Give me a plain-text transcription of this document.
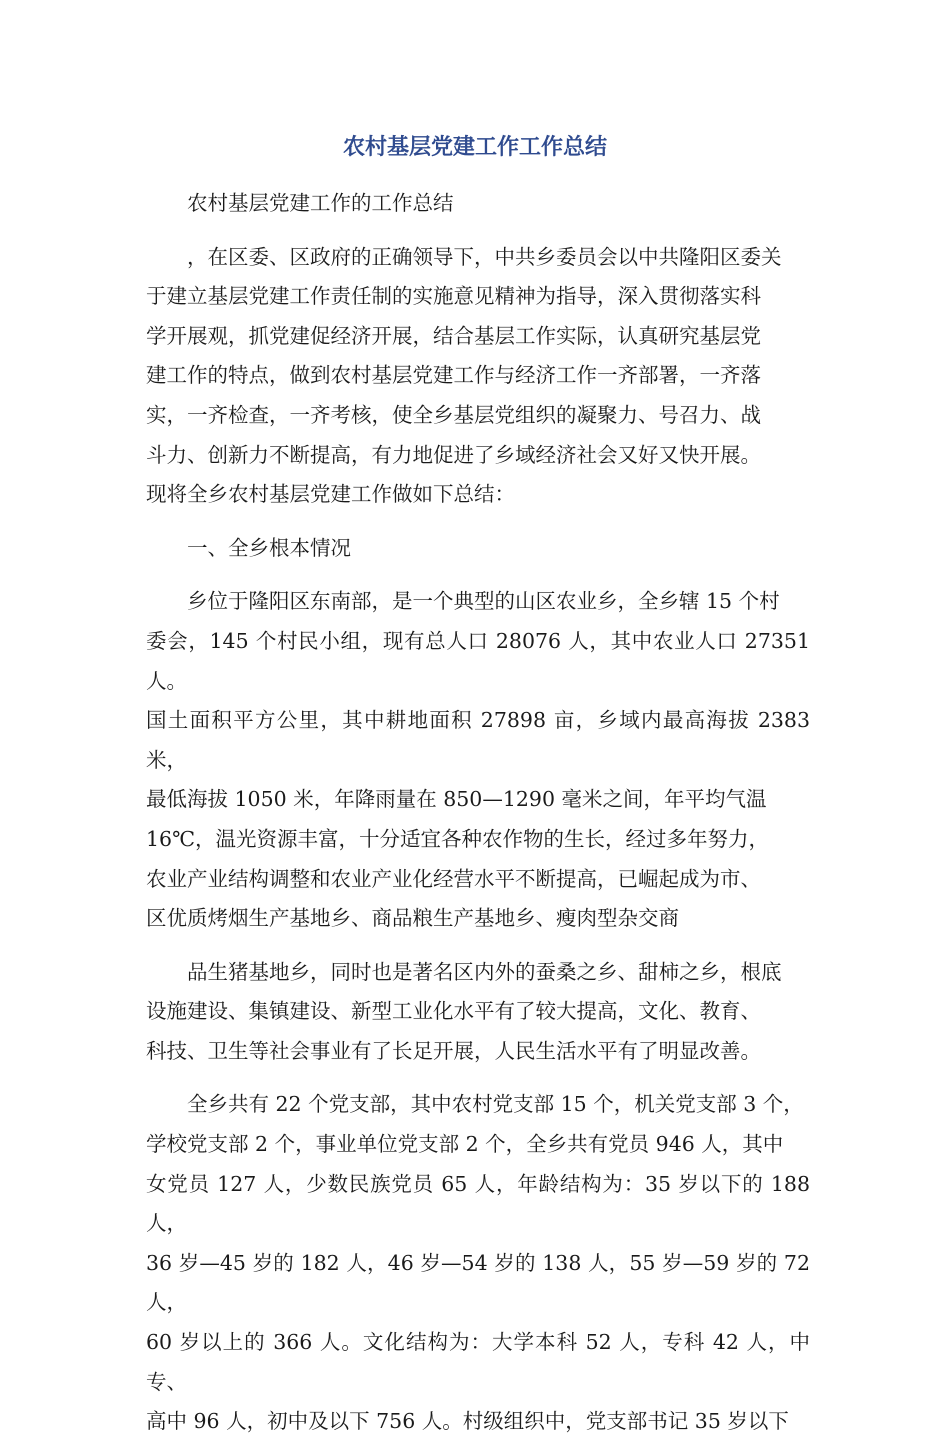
农村基层党建工作工作总结

农村基层党建工作的工作总结

，在区委、区政府的正确领导下，中共乡委员会以中共隆阳区委关
于建立基层党建工作责任制的实施意见精神为指导，深入贯彻落实科
学开展观，抓党建促经济开展，结合基层工作实际，认真研究基层党
建工作的特点，做到农村基层党建工作与经济工作一齐部署，一齐落
实，一齐检查，一齐考核，使全乡基层党组织的凝聚力、号召力、战
斗力、创新力不断提高，有力地促进了乡域经济社会又好又快开展。
现将全乡农村基层党建工作做如下总结：

一、全乡根本情况

乡位于隆阳区东南部，是一个典型的山区农业乡，全乡辖 15 个村
委会，145 个村民小组，现有总人口 28076 人，其中农业人口 27351 人。
国土面积平方公里，其中耕地面积 27898 亩，乡域内最高海拔 2383 米，
最低海拔 1050 米，年降雨量在 850—1290 毫米之间，年平均气温
16℃，温光资源丰富，十分适宜各种农作物的生长，经过多年努力，
农业产业结构调整和农业产业化经营水平不断提高，已崛起成为市、
区优质烤烟生产基地乡、商品粮生产基地乡、瘦肉型杂交商

品生猪基地乡，同时也是著名区内外的蚕桑之乡、甜柿之乡，根底
设施建设、集镇建设、新型工业化水平有了较大提高，文化、教育、
科技、卫生等社会事业有了长足开展，人民生活水平有了明显改善。

全乡共有 22 个党支部，其中农村党支部 15 个，机关党支部 3 个，
学校党支部 2 个，事业单位党支部 2 个，全乡共有党员 946 人，其中
女党员 127 人，少数民族党员 65 人，年龄结构为：35 岁以下的 188 人，
36 岁—45 岁的 182 人，46 岁—54 岁的 138 人，55 岁—59 岁的 72 人，
60 岁以上的 366 人。文化结构为：大学本科 52 人，专科 42 人，中专、
高中 96 人，初中及以下 756 人。村级组织中，党支部书记 35 岁以下
